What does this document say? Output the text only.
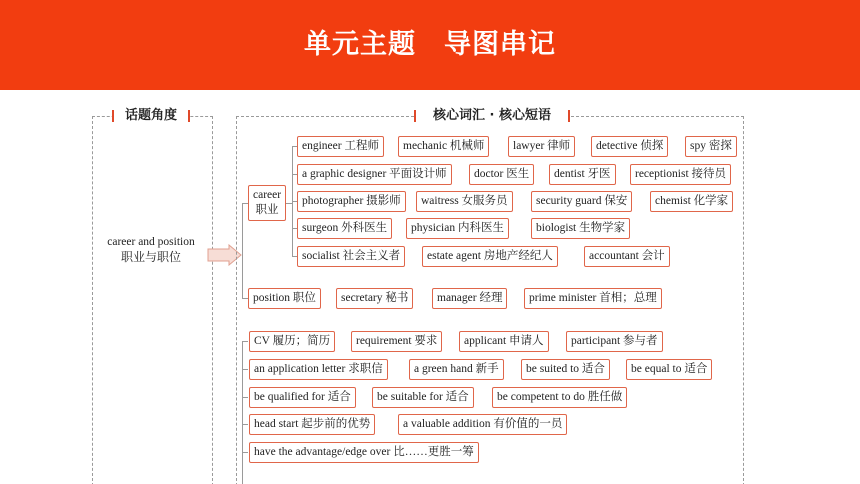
单元主题　导图串记
话题角度
career and position
职业与职位
核心词汇 · 核心短语
career
职业
engineer 工程师	mechanic 机械师	lawyer 律师	detective 侦探	spy 密探
a graphic designer 平面设计师	doctor 医生	dentist 牙医	receptionist 接待员
photographer 摄影师	waitress 女服务员	security guard 保安	chemist 化学家
surgeon 外科医生	physician 内科医生	biologist 生物学家
socialist 社会主义者	estate agent 房地产经纪人	accountant 会计
position 职位	secretary 秘书	manager 经理	prime minister 首相；总理
CV 履历；简历	requirement 要求	applicant 申请人	participant 参与者
an application letter 求职信	a green hand 新手	be suited to 适合	be equal to 适合
be qualified for 适合	be suitable for 适合	be competent to do 胜任做
head start 起步前的优势	a valuable addition 有价值的一员
have the advantage/edge over 比……更胜一筹
